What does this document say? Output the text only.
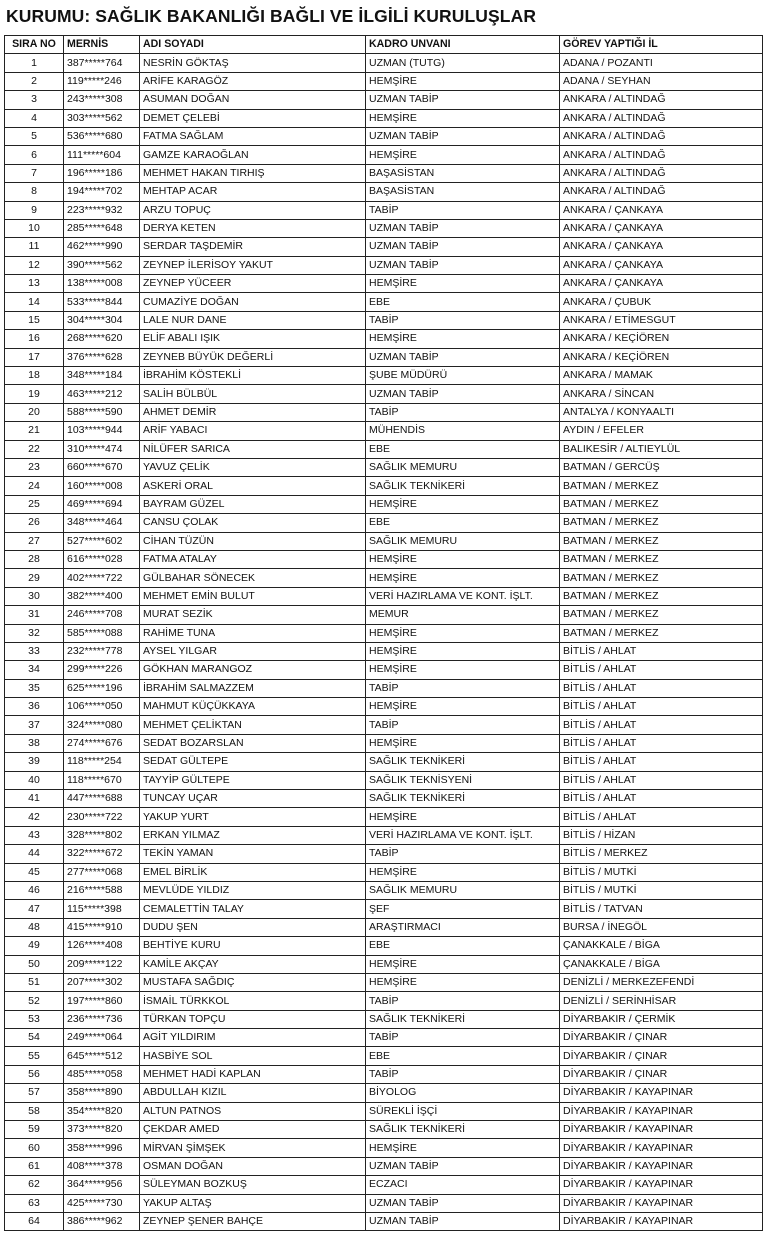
KURUMU: SAĞLIK BAKANLIĞI BAĞLI VE İLGİLİ KURULUŞLAR
SIRA NO	MERNİS	ADI SOYADI	KADRO UNVANI	GÖREV YAPTIĞI İL
1	387*****764	NESRİN GÖKTAŞ	UZMAN (TUTG)	ADANA / POZANTI
2	119*****246	ARİFE KARAGÖZ	HEMŞİRE	ADANA / SEYHAN
3	243*****308	ASUMAN DOĞAN	UZMAN TABİP	ANKARA / ALTINDAĞ
4	303*****562	DEMET ÇELEBİ	HEMŞİRE	ANKARA / ALTINDAĞ
5	536*****680	FATMA SAĞLAM	UZMAN TABİP	ANKARA / ALTINDAĞ
6	111*****604	GAMZE KARAOĞLAN	HEMŞİRE	ANKARA / ALTINDAĞ
7	196*****186	MEHMET HAKAN TIRHIŞ	BAŞASİSTAN	ANKARA / ALTINDAĞ
8	194*****702	MEHTAP ACAR	BAŞASİSTAN	ANKARA / ALTINDAĞ
9	223*****932	ARZU TOPUÇ	TABİP	ANKARA / ÇANKAYA
10	285*****648	DERYA KETEN	UZMAN TABİP	ANKARA / ÇANKAYA
11	462*****990	SERDAR TAŞDEMİR	UZMAN TABİP	ANKARA / ÇANKAYA
12	390*****562	ZEYNEP İLERİSOY YAKUT	UZMAN TABİP	ANKARA / ÇANKAYA
13	138*****008	ZEYNEP YÜCEER	HEMŞİRE	ANKARA / ÇANKAYA
14	533*****844	CUMAZİYE DOĞAN	EBE	ANKARA / ÇUBUK
15	304*****304	LALE NUR DANE	TABİP	ANKARA / ETİMESGUT
16	268*****620	ELİF ABALI IŞIK	HEMŞİRE	ANKARA / KEÇİÖREN
17	376*****628	ZEYNEB BÜYÜK DEĞERLİ	UZMAN TABİP	ANKARA / KEÇİÖREN
18	348*****184	İBRAHİM KÖSTEKLİ	ŞUBE MÜDÜRÜ	ANKARA / MAMAK
19	463*****212	SALİH BÜLBÜL	UZMAN TABİP	ANKARA / SİNCAN
20	588*****590	AHMET DEMİR	TABİP	ANTALYA / KONYAALTI
21	103*****944	ARİF YABACI	MÜHENDİS	AYDIN / EFELER
22	310*****474	NİLÜFER SARICA	EBE	BALIKESİR / ALTIEYLÜL
23	660*****670	YAVUZ ÇELİK	SAĞLIK MEMURU	BATMAN / GERCÜŞ
24	160*****008	ASKERİ ORAL	SAĞLIK TEKNİKERİ	BATMAN / MERKEZ
25	469*****694	BAYRAM GÜZEL	HEMŞİRE	BATMAN / MERKEZ
26	348*****464	CANSU ÇOLAK	EBE	BATMAN / MERKEZ
27	527*****602	CİHAN TÜZÜN	SAĞLIK MEMURU	BATMAN / MERKEZ
28	616*****028	FATMA ATALAY	HEMŞİRE	BATMAN / MERKEZ
29	402*****722	GÜLBAHAR SÖNECEK	HEMŞİRE	BATMAN / MERKEZ
30	382*****400	MEHMET EMİN BULUT	VERİ HAZIRLAMA VE KONT. İŞLT.	BATMAN / MERKEZ
31	246*****708	MURAT SEZİK	MEMUR	BATMAN / MERKEZ
32	585*****088	RAHİME TUNA	HEMŞİRE	BATMAN / MERKEZ
33	232*****778	AYSEL YILGAR	HEMŞİRE	BİTLİS / AHLAT
34	299*****226	GÖKHAN MARANGOZ	HEMŞİRE	BİTLİS / AHLAT
35	625*****196	İBRAHİM SALMAZZEM	TABİP	BİTLİS / AHLAT
36	106*****050	MAHMUT KÜÇÜKKAYA	HEMŞİRE	BİTLİS / AHLAT
37	324*****080	MEHMET ÇELİKTAN	TABİP	BİTLİS / AHLAT
38	274*****676	SEDAT BOZARSLAN	HEMŞİRE	BİTLİS / AHLAT
39	118*****254	SEDAT GÜLTEPE	SAĞLIK TEKNİKERİ	BİTLİS / AHLAT
40	118*****670	TAYYİP GÜLTEPE	SAĞLIK TEKNİSYENİ	BİTLİS / AHLAT
41	447*****688	TUNCAY UÇAR	SAĞLIK TEKNİKERİ	BİTLİS / AHLAT
42	230*****722	YAKUP YURT	HEMŞİRE	BİTLİS / AHLAT
43	328*****802	ERKAN YILMAZ	VERİ HAZIRLAMA VE KONT. İŞLT.	BİTLİS / HİZAN
44	322*****672	TEKİN YAMAN	TABİP	BİTLİS / MERKEZ
45	277*****068	EMEL BİRLİK	HEMŞİRE	BİTLİS / MUTKİ
46	216*****588	MEVLÜDE YILDIZ	SAĞLIK MEMURU	BİTLİS / MUTKİ
47	115*****398	CEMALETTİN TALAY	ŞEF	BİTLİS / TATVAN
48	415*****910	DUDU ŞEN	ARAŞTIRMACI	BURSA / İNEGÖL
49	126*****408	BEHTİYE KURU	EBE	ÇANAKKALE / BİGA
50	209*****122	KAMİLE AKÇAY	HEMŞİRE	ÇANAKKALE / BİGA
51	207*****302	MUSTAFA SAĞDIÇ	HEMŞİRE	DENİZLİ / MERKEZEFENDİ
52	197*****860	İSMAİL TÜRKKOL	TABİP	DENİZLİ / SERİNHİSAR
53	236*****736	TÜRKAN TOPÇU	SAĞLIK TEKNİKERİ	DİYARBAKIR / ÇERMİK
54	249*****064	AGİT YILDIRIM	TABİP	DİYARBAKIR / ÇINAR
55	645*****512	HASBİYE SOL	EBE	DİYARBAKIR / ÇINAR
56	485*****058	MEHMET HADİ KAPLAN	TABİP	DİYARBAKIR / ÇINAR
57	358*****890	ABDULLAH KIZIL	BİYOLOG	DİYARBAKIR / KAYAPINAR
58	354*****820	ALTUN PATNOS	SÜREKLİ İŞÇİ	DİYARBAKIR / KAYAPINAR
59	373*****820	ÇEKDAR AMED	SAĞLIK TEKNİKERİ	DİYARBAKIR / KAYAPINAR
60	358*****996	MİRVAN ŞİMŞEK	HEMŞİRE	DİYARBAKIR / KAYAPINAR
61	408*****378	OSMAN DOĞAN	UZMAN TABİP	DİYARBAKIR / KAYAPINAR
62	364*****956	SÜLEYMAN BOZKUŞ	ECZACI	DİYARBAKIR / KAYAPINAR
63	425*****730	YAKUP ALTAŞ	UZMAN TABİP	DİYARBAKIR / KAYAPINAR
64	386*****962	ZEYNEP ŞENER BAHÇE	UZMAN TABİP	DİYARBAKIR / KAYAPINAR
